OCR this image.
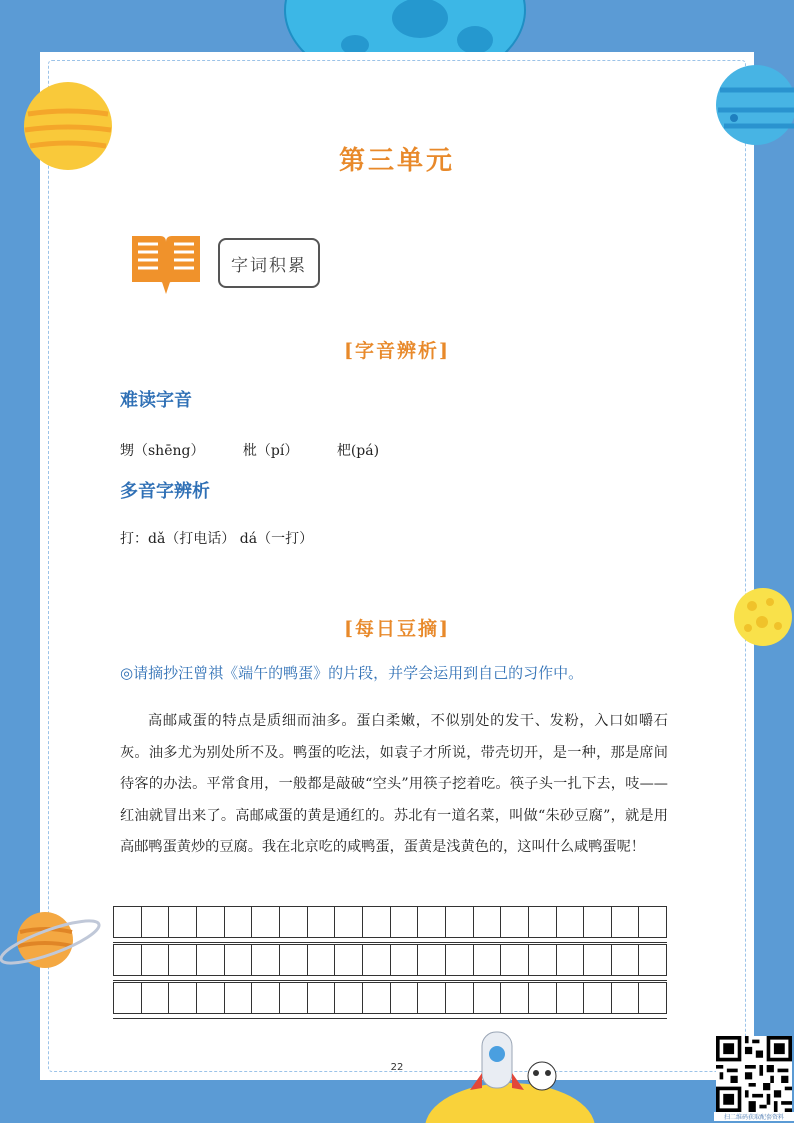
第三单元
字词积累
[字音辨析]
难读字音
甥（shēng）	枇（pí）	杷(pá)
多音字辨析
打：dǎ（打电话） dá（一打）
[每日豆摘]
◎请摘抄汪曾祺《端午的鸭蛋》的片段，并学会运用到自己的习作中。
高邮咸蛋的特点是质细而油多。蛋白柔嫩，不似别处的发干、发粉，入口如嚼石灰。油多尤为别处所不及。鸭蛋的吃法，如袁子才所说，带壳切开，是一种，那是席间待客的办法。平常食用，一般都是敲破“空头”用筷子挖着吃。筷子头一扎下去，吱——红油就冒出来了。高邮咸蛋的黄是通红的。苏北有一道名菜，叫做“朱砂豆腐”，就是用高邮鸭蛋黄炒的豆腐。我在北京吃的咸鸭蛋，蛋黄是浅黄色的，这叫什么咸鸭蛋呢！
22
扫二维码获取配套资料
